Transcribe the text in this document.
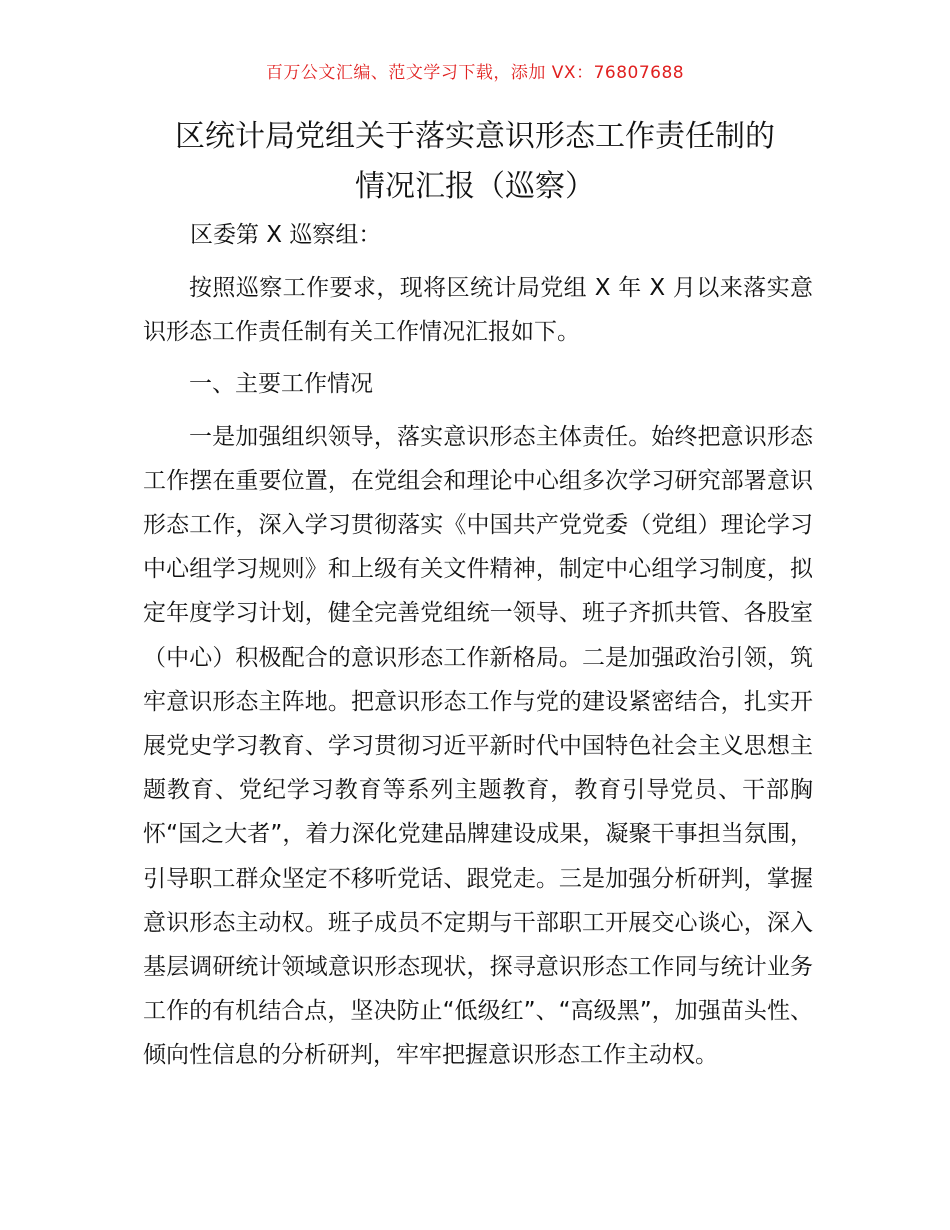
百万公文汇编、范文学习下载，添加 VX：76807688
区统计局党组关于落实意识形态工作责任制的
情况汇报（巡察）
区委第 X 巡察组：

按照巡察工作要求，现将区统计局党组 X 年 X 月以来落实意识形态工作责任制有关工作情况汇报如下。

一、主要工作情况

一是加强组织领导，落实意识形态主体责任。始终把意识形态工作摆在重要位置，在党组会和理论中心组多次学习研究部署意识形态工作，深入学习贯彻落实《中国共产党党委（党组）理论学习中心组学习规则》和上级有关文件精神，制定中心组学习制度，拟定年度学习计划，健全完善党组统一领导、班子齐抓共管、各股室（中心）积极配合的意识形态工作新格局。二是加强政治引领，筑牢意识形态主阵地。把意识形态工作与党的建设紧密结合，扎实开展党史学习教育、学习贯彻习近平新时代中国特色社会主义思想主题教育、党纪学习教育等系列主题教育，教育引导党员、干部胸怀“国之大者”，着力深化党建品牌建设成果，凝聚干事担当氛围，引导职工群众坚定不移听党话、跟党走。三是加强分析研判，掌握意识形态主动权。班子成员不定期与干部职工开展交心谈心，深入基层调研统计领域意识形态现状，探寻意识形态工作同与统计业务工作的有机结合点，坚决防止“低级红”、“高级黑”，加强苗头性、倾向性信息的分析研判，牢牢把握意识形态工作主动权。
